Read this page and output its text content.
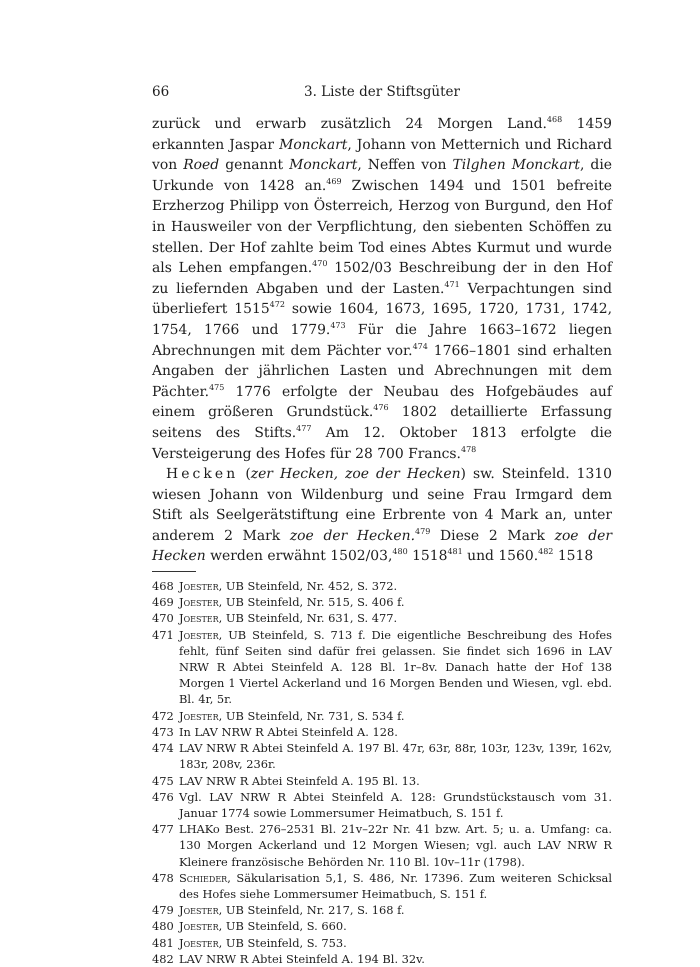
66	3. Liste der Stiftsgüter

zurück und erwarb zusätzlich 24 Morgen Land.$^{468}$ 1459 erkannten Jaspar Monckart, Johann von Metternich und Richard von Roed genannt Monckart, Neffen von Tilghen Monckart, die Urkunde von 1428 an.$^{469}$ Zwischen 1494 und 1501 befreite Erzherzog Philipp von Österreich, Herzog von Burgund, den Hof in Hausweiler von der Verpflichtung, den siebenten Schöffen zu stellen. Der Hof zahlte beim Tod eines Abtes Kurmut und wurde als Lehen empfangen.$^{470}$ 1502/03 Beschreibung der in den Hof zu liefernden Abgaben und der Lasten.$^{471}$ Verpachtungen sind überliefert 1515$^{472}$ sowie 1604, 1673, 1695, 1720, 1731, 1742, 1754, 1766 und 1779.$^{473}$ Für die Jahre 1663–1672 liegen Abrechnungen mit dem Pächter vor.$^{474}$ 1766–1801 sind erhalten Angaben der jährlichen Lasten und Abrechnungen mit dem Pächter.$^{475}$ 1776 erfolgte der Neubau des Hofgebäudes auf einem größeren Grundstück.$^{476}$ 1802 detaillierte Erfassung seitens des Stifts.$^{477}$ Am 12. Oktober 1813 erfolgte die Versteigerung des Hofes für 28 700 Francs.$^{478}$

Hecken (zer Hecken, zoe der Hecken) sw. Steinfeld. 1310 wiesen Johann von Wildenburg und seine Frau Irmgard dem Stift als Seelgerätstiftung eine Erbrente von 4 Mark an, unter anderem 2 Mark zoe der Hecken.$^{479}$ Diese 2 Mark zoe der Hecken werden erwähnt 1502/03,$^{480}$ 1518$^{481}$ und 1560.$^{482}$ 1518

468 Joester, UB Steinfeld, Nr. 452, S. 372.
469 Joester, UB Steinfeld, Nr. 515, S. 406 f.
470 Joester, UB Steinfeld, Nr. 631, S. 477.
471 Joester, UB Steinfeld, S. 713 f. Die eigentliche Beschreibung des Hofes fehlt, fünf Seiten sind dafür frei gelassen. Sie findet sich 1696 in LAV NRW R Abtei Steinfeld A. 128 Bl. 1r–8v. Danach hatte der Hof 138 Morgen 1 Viertel Ackerland und 16 Morgen Benden und Wiesen, vgl. ebd. Bl. 4r, 5r.
472 Joester, UB Steinfeld, Nr. 731, S. 534 f.
473 In LAV NRW R Abtei Steinfeld A. 128.
474 LAV NRW R Abtei Steinfeld A. 197 Bl. 47r, 63r, 88r, 103r, 123v, 139r, 162v, 183r, 208v, 236r.
475 LAV NRW R Abtei Steinfeld A. 195 Bl. 13.
476 Vgl. LAV NRW R Abtei Steinfeld A. 128: Grundstückstausch vom 31. Januar 1774 sowie Lommersumer Heimatbuch, S. 151 f.
477 LHAKo Best. 276–2531 Bl. 21v–22r Nr. 41 bzw. Art. 5; u. a. Umfang: ca. 130 Morgen Ackerland und 12 Morgen Wiesen; vgl. auch LAV NRW R Kleinere französische Behörden Nr. 110 Bl. 10v–11r (1798).
478 Schieder, Säkularisation 5,1, S. 486, Nr. 17396. Zum weiteren Schicksal des Hofes siehe Lommersumer Heimatbuch, S. 151 f.
479 Joester, UB Steinfeld, Nr. 217, S. 168 f.
480 Joester, UB Steinfeld, S. 660.
481 Joester, UB Steinfeld, S. 753.
482 LAV NRW R Abtei Steinfeld A. 194 Bl. 32v.
